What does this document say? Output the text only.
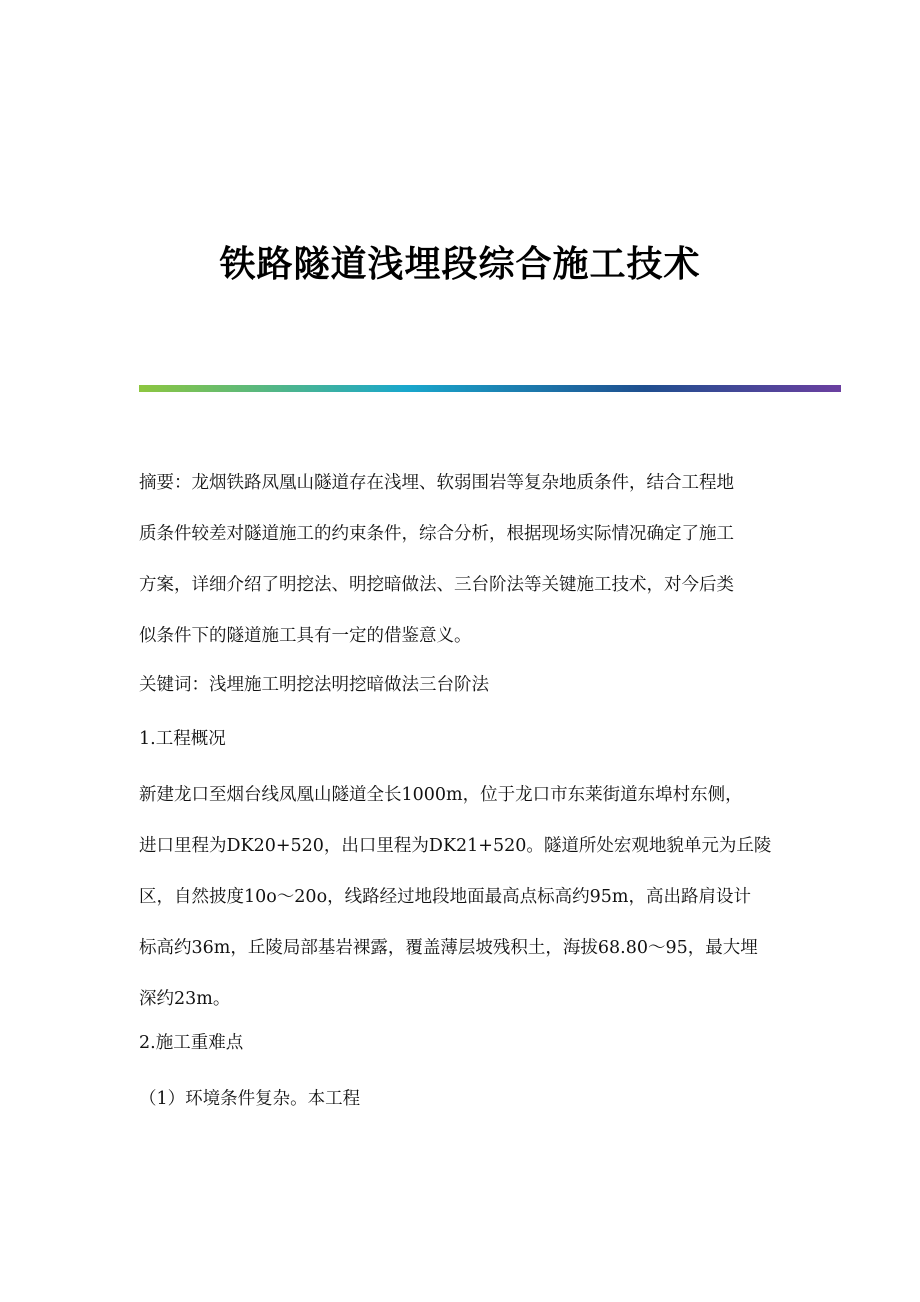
铁路隧道浅埋段综合施工技术
摘要：龙烟铁路凤凰山隧道存在浅埋、软弱围岩等复杂地质条件，结合工程地
质条件较差对隧道施工的约束条件，综合分析，根据现场实际情况确定了施工
方案，详细介绍了明挖法、明挖暗做法、三台阶法等关键施工技术，对今后类
似条件下的隧道施工具有一定的借鉴意义。
关键词：浅埋施工明挖法明挖暗做法三台阶法
1.工程概况
新建龙口至烟台线凤凰山隧道全长1000m，位于龙口市东莱街道东埠村东侧，
进口里程为DK20+520，出口里程为DK21+520。隧道所处宏观地貌单元为丘陵
区，自然披度10o～20o，线路经过地段地面最高点标高约95m，高出路肩设计
标高约36m，丘陵局部基岩裸露，覆盖薄层坡残积土，海拔68.80～95，最大埋
深约23m。
2.施工重难点
（1）环境条件复杂。本工程
